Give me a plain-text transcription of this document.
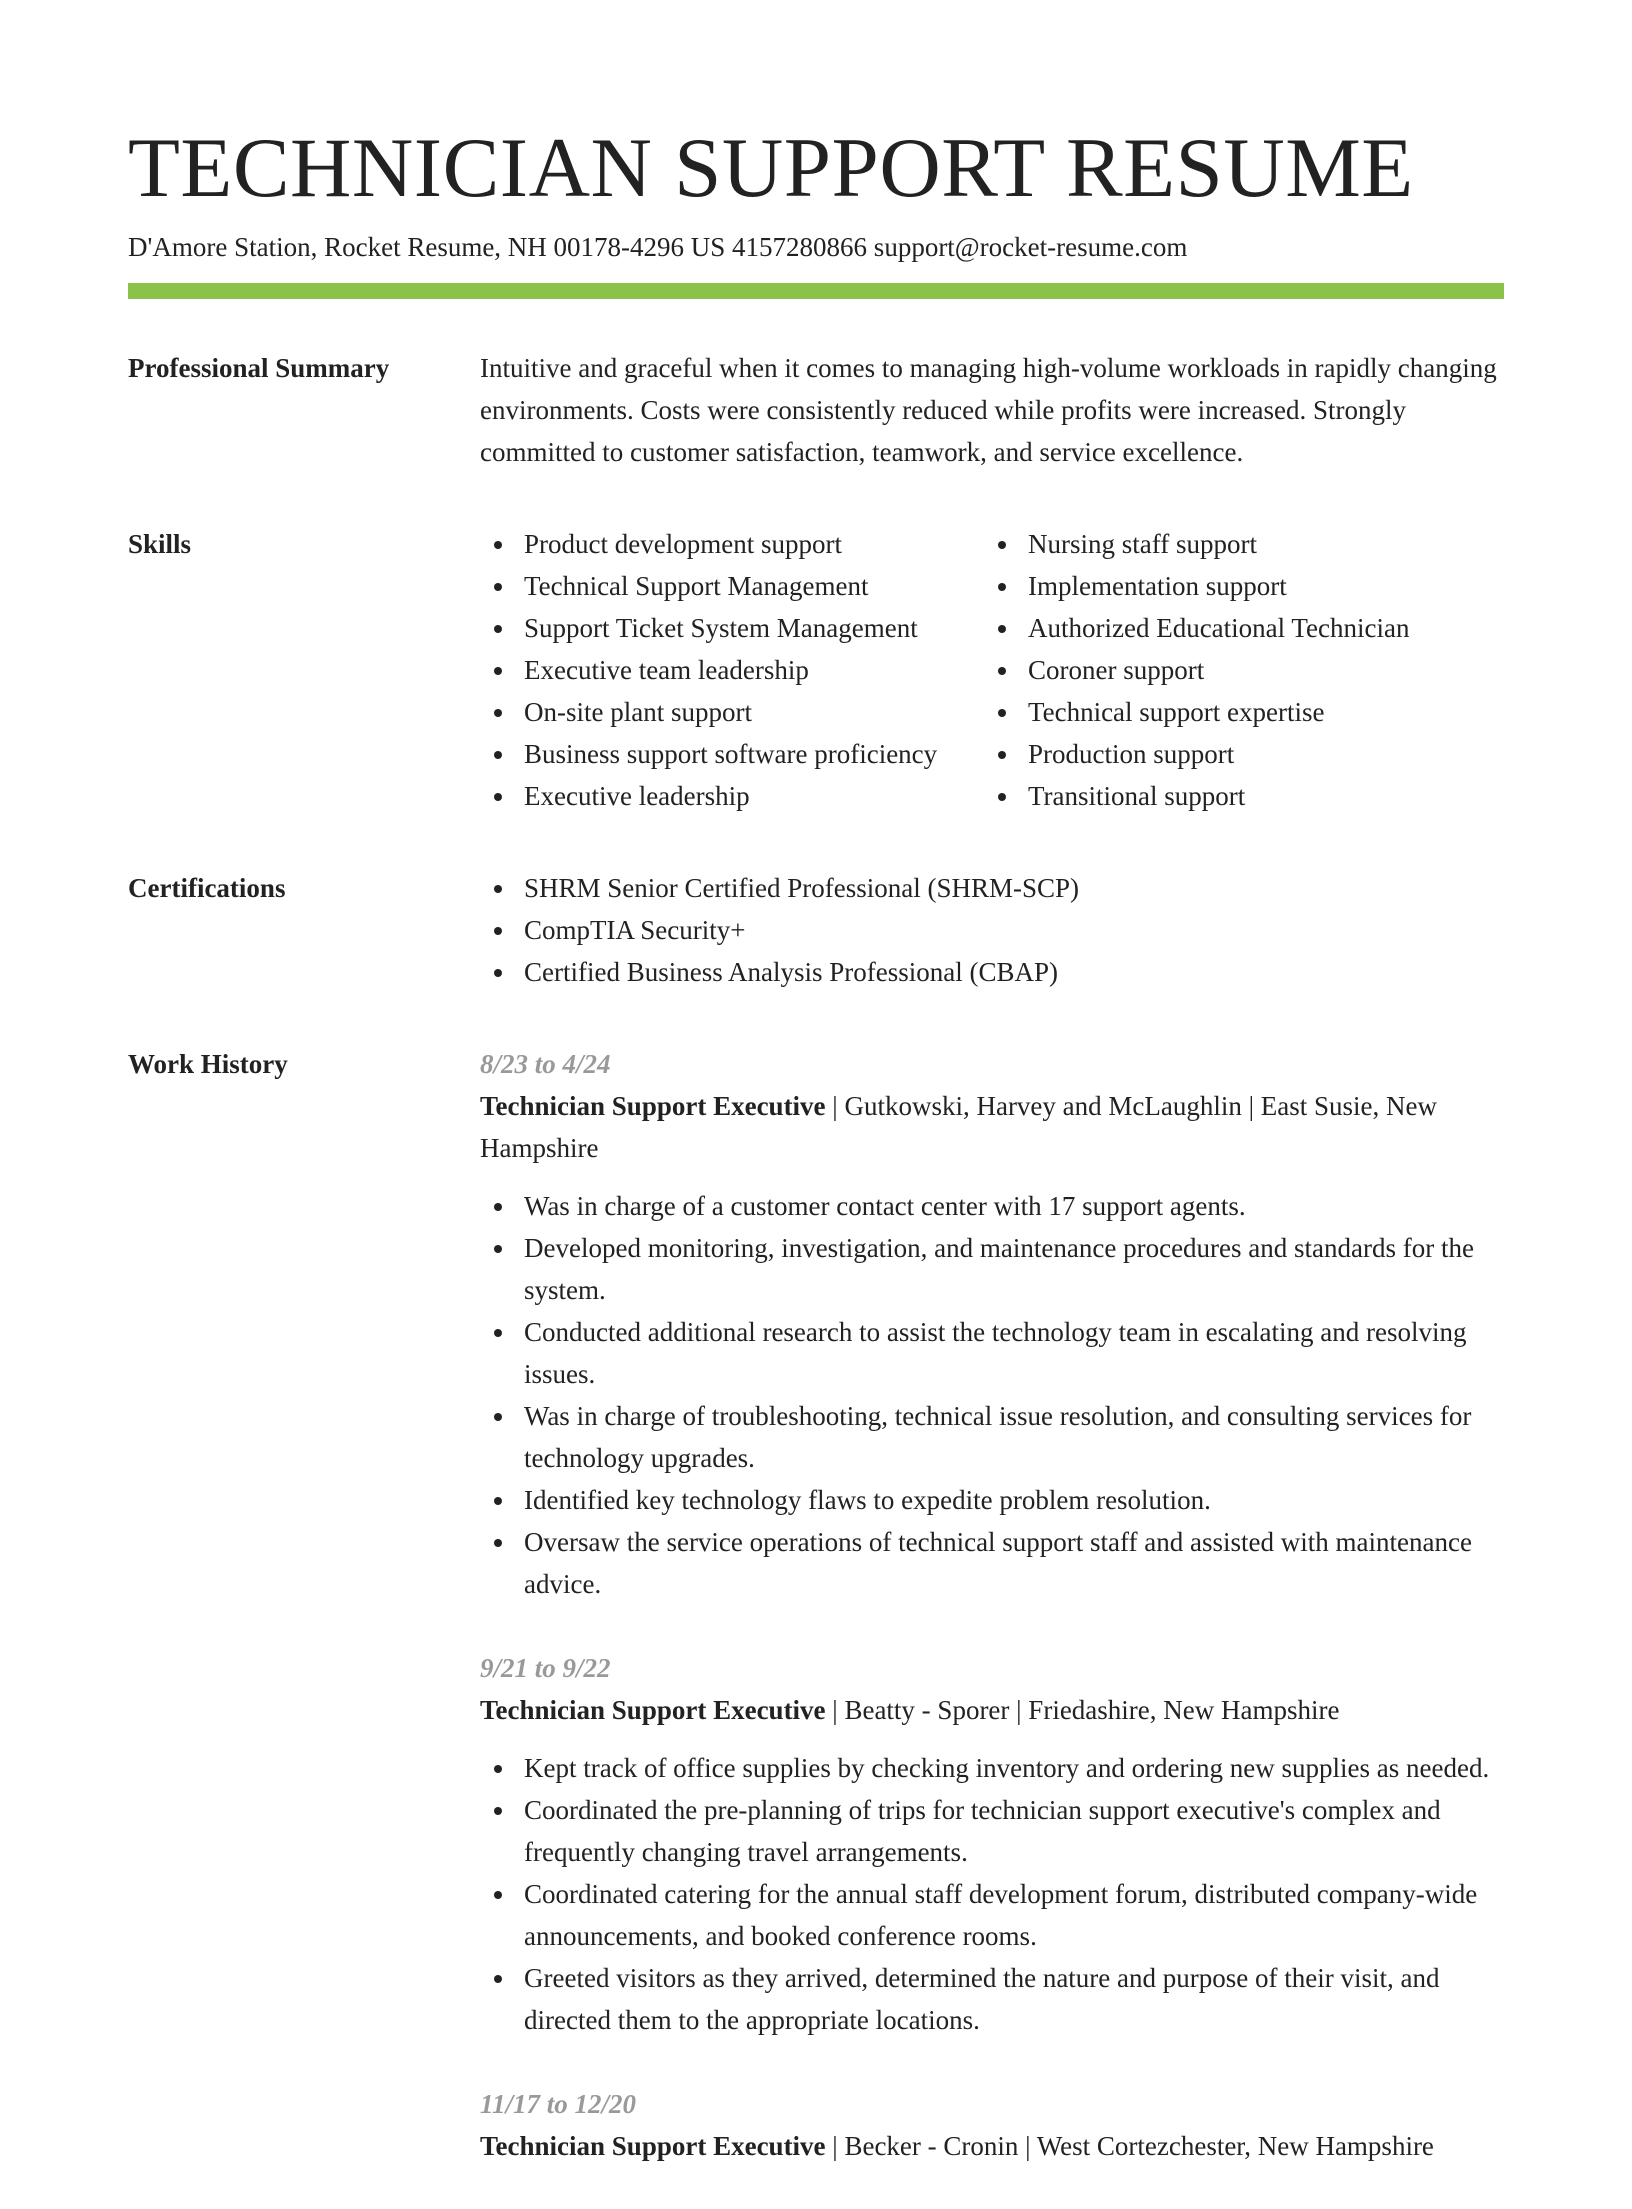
TECHNICIAN SUPPORT RESUME
D'Amore Station, Rocket Resume, NH 00178-4296 US 4157280866 support@rocket-resume.com
Professional Summary	Intuitive and graceful when it comes to managing high-volume workloads in rapidly changing environments. Costs were consistently reduced while profits were increased. Strongly committed to customer satisfaction, teamwork, and service excellence.

Skills	Product development support
Technical Support Management
Support Ticket System Management
Executive team leadership
On-site plant support
Business support software proficiency
Executive leadership
Nursing staff support
Implementation support
Authorized Educational Technician
Coroner support
Technical support expertise
Production support
Transitional support
Certifications	SHRM Senior Certified Professional (SHRM-SCP)
CompTIA Security+
Certified Business Analysis Professional (CBAP)
Work History	8/23 to 4/24
Technician Support Executive | Gutkowski, Harvey and McLaughlin | East Susie, New Hampshire
Was in charge of a customer contact center with 17 support agents.
Developed monitoring, investigation, and maintenance procedures and standards for the system.
Conducted additional research to assist the technology team in escalating and resolving issues.
Was in charge of troubleshooting, technical issue resolution, and consulting services for technology upgrades.
Identified key technology flaws to expedite problem resolution.
Oversaw the service operations of technical support staff and assisted with maintenance advice.
9/21 to 9/22
Technician Support Executive | Beatty - Sporer | Friedashire, New Hampshire
Kept track of office supplies by checking inventory and ordering new supplies as needed.
Coordinated the pre-planning of trips for technician support executive's complex and frequently changing travel arrangements.
Coordinated catering for the annual staff development forum, distributed company-wide announcements, and booked conference rooms.
Greeted visitors as they arrived, determined the nature and purpose of their visit, and directed them to the appropriate locations.
11/17 to 12/20
Technician Support Executive | Becker - Cronin | West Cortezchester, New Hampshire
